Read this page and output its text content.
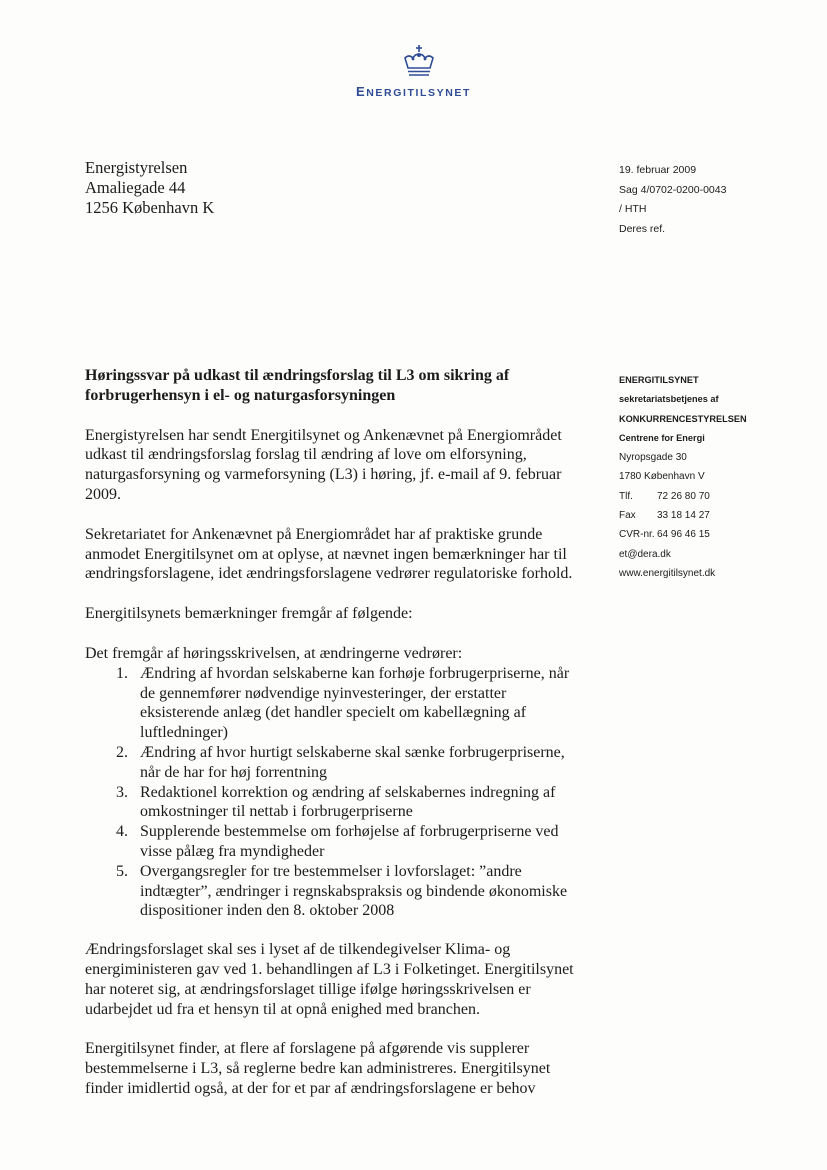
ENERGITILSYNET
Energistyrelsen
Amaliegade 44
1256 København K
19. februar 2009
Sag 4/0702-0200-0043
/ HTH
Deres ref.
ENERGITILSYNET
sekretariatsbetjenes af
KONKURRENCESTYRELSEN
Centrene for Energi
Nyropsgade 30
1780 København V
Tlf. 72 26 80 70
Fax 33 18 14 27
CVR-nr. 64 96 46 15
et@dera.dk
www.energitilsynet.dk
Høringssvar på udkast til ændringsforslag til L3 om sikring af forbrugerhensyn i el- og naturgasforsyningen

Energistyrelsen har sendt Energitilsynet og Ankenævnet på Energiområdet udkast til ændringsforslag forslag til ændring af love om elforsyning, naturgasforsyning og varmeforsyning (L3) i høring, jf. e-mail af 9. februar 2009.

Sekretariatet for Ankenævnet på Energiområdet har af praktiske grunde anmodet Energitilsynet om at oplyse, at nævnet ingen bemærkninger har til ændringsforslagene, idet ændringsforslagene vedrører regulatoriske forhold.

Energitilsynets bemærkninger fremgår af følgende:

Det fremgår af høringsskrivelsen, at ændringerne vedrører:

1. Ændring af hvordan selskaberne kan forhøje forbrugerpriserne, når de gennemfører nødvendige nyinvesteringer, der erstatter eksisterende anlæg (det handler specielt om kabellægning af luftledninger)
2. Ændring af hvor hurtigt selskaberne skal sænke forbrugerpriserne, når de har for høj forrentning
3. Redaktionel korrektion og ændring af selskabernes indregning af omkostninger til nettab i forbrugerpriserne
4. Supplerende bestemmelse om forhøjelse af forbrugerpriserne ved visse pålæg fra myndigheder
5. Overgangsregler for tre bestemmelser i lovforslaget: ”andre indtægter”, ændringer i regnskabspraksis og bindende økonomiske dispositioner inden den 8. oktober 2008

Ændringsforslaget skal ses i lyset af de tilkendegivelser Klima- og energiministeren gav ved 1. behandlingen af L3 i Folketinget. Energitilsynet har noteret sig, at ændringsforslaget tillige ifølge høringsskrivelsen er udarbejdet ud fra et hensyn til at opnå enighed med branchen.

Energitilsynet finder, at flere af forslagene på afgørende vis supplerer bestemmelserne i L3, så reglerne bedre kan administreres. Energitilsynet finder imidlertid også, at der for et par af ændringsforslagene er behov
